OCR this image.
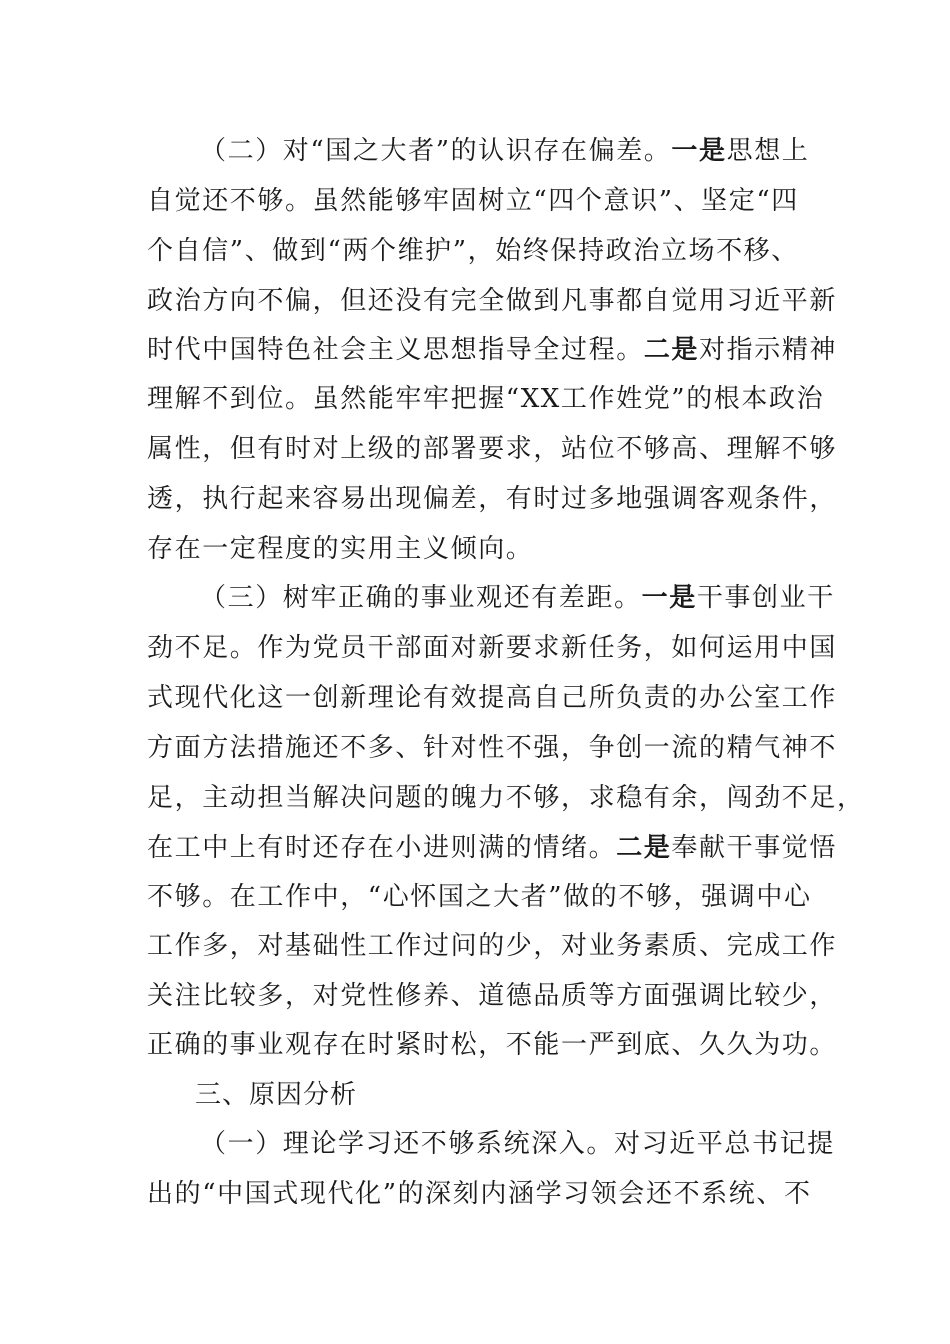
（二）对“国之大者”的认识存在偏差。一是思想上
自觉还不够。虽然能够牢固树立“四个意识”、坚定“四
个自信”、做到“两个维护”，始终保持政治立场不移、
政治方向不偏，但还没有完全做到凡事都自觉用习近平新
时代中国特色社会主义思想指导全过程。二是对指示精神
理解不到位。虽然能牢牢把握“XX工作姓党”的根本政治
属性，但有时对上级的部署要求，站位不够高、理解不够
透，执行起来容易出现偏差，有时过多地强调客观条件，
存在一定程度的实用主义倾向。
（三）树牢正确的事业观还有差距。一是干事创业干
劲不足。作为党员干部面对新要求新任务，如何运用中国
式现代化这一创新理论有效提高自己所负责的办公室工作
方面方法措施还不多、针对性不强，争创一流的精气神不
足，主动担当解决问题的魄力不够，求稳有余，闯劲不足，
在工中上有时还存在小进则满的情绪。二是奉献干事觉悟
不够。在工作中，“心怀国之大者”做的不够，强调中心
工作多，对基础性工作过问的少，对业务素质、完成工作
关注比较多，对党性修养、道德品质等方面强调比较少，
正确的事业观存在时紧时松，不能一严到底、久久为功。
三、原因分析
（一）理论学习还不够系统深入。对习近平总书记提
出的“中国式现代化”的深刻内涵学习领会还不系统、不
